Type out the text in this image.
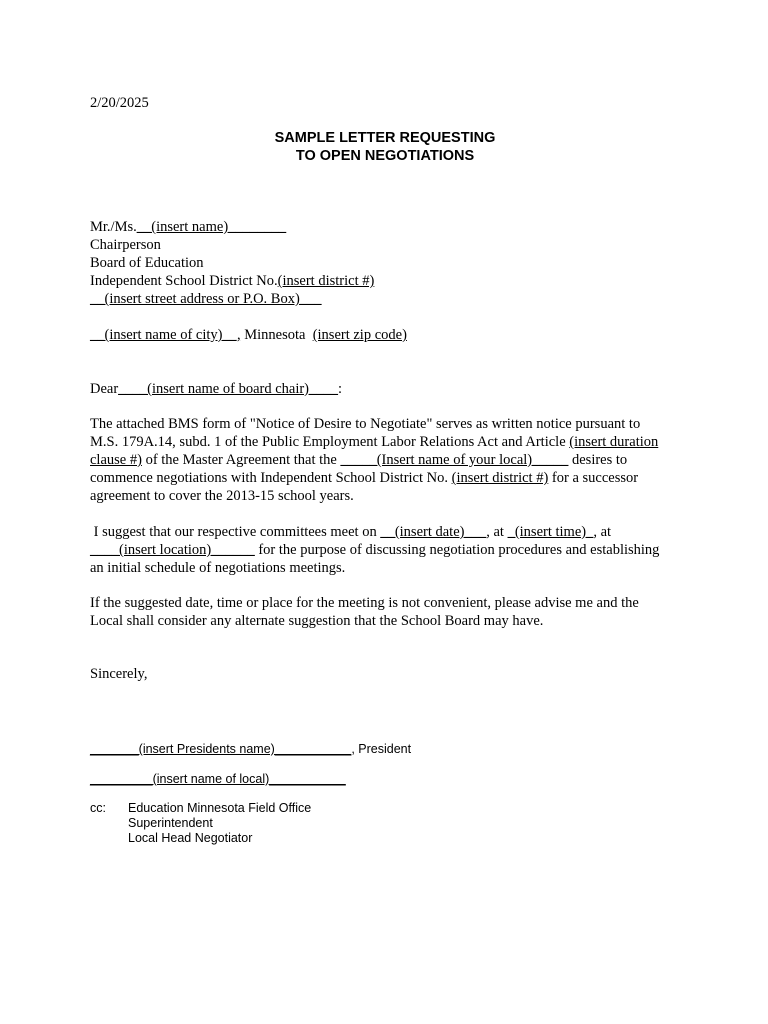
2/20/2025
SAMPLE LETTER REQUESTING
TO OPEN NEGOTIATIONS
Mr./Ms.__(insert name)________
Chairperson
Board of Education
Independent School District No.(insert district #)
__(insert street address or P.O. Box)___
__(insert name of city)__, Minnesota  (insert zip code)
Dear____(insert name of board chair)____:
The attached BMS form of "Notice of Desire to Negotiate" serves as written notice pursuant to M.S. 179A.14, subd. 1 of the Public Employment Labor Relations Act and Article (insert duration clause #) of the Master Agreement that the _____(Insert name of your local)_____ desires to commence negotiations with Independent School District No. (insert district #) for a successor agreement to cover the 2013-15 school years.
I suggest that our respective committees meet on __(insert date)___, at _(insert time)_, at ____(insert location)______ for the purpose of discussing negotiation procedures and establishing an initial schedule of negotiations meetings.
If the suggested date, time or place for the meeting is not convenient, please advise me and the Local shall consider any alternate suggestion that the School Board may have.
Sincerely,
_______(insert Presidents name)___________, President
_________(insert name of local)___________
cc: Education Minnesota Field Office
Superintendent
Local Head Negotiator
